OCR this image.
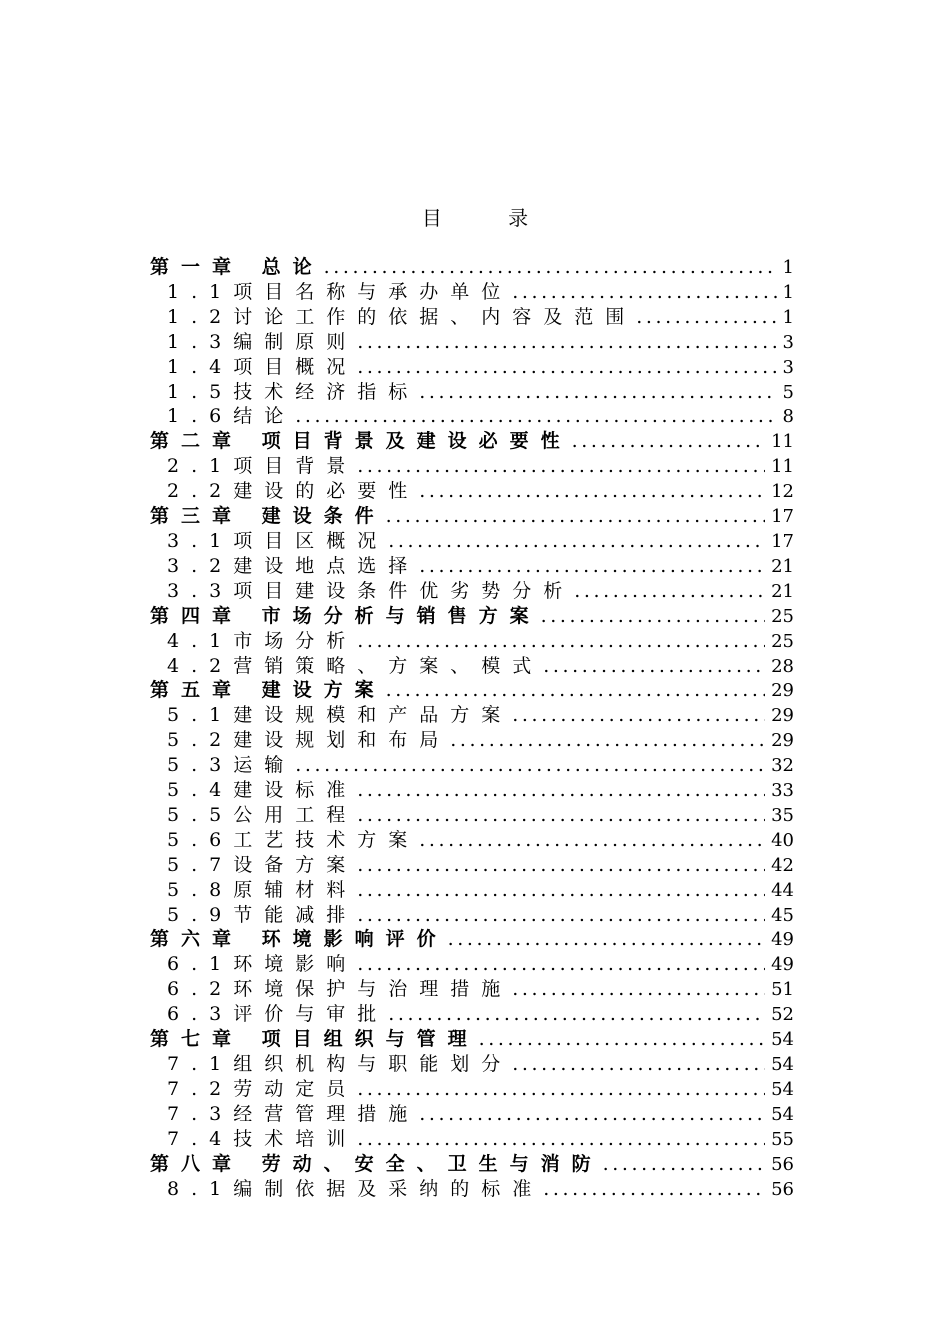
目 录
第一章 总论 .....	1
1.1项目名称与承办单位 .....	1
1.2讨论工作的依据、内容及范围 .....	1
1.3编制原则 .....	3
1.4项目概况 .....	3
1.5技术经济指标 .....	5
1.6结论 .....	8
第二章 项目背景及建设必要性 .....	11
2.1项目背景 .....	11
2.2建设的必要性 .....	12
第三章 建设条件 .....	17
3.1项目区概况 .....	17
3.2建设地点选择 .....	21
3.3项目建设条件优劣势分析 .....	21
第四章 市场分析与销售方案 .....	25
4.1市场分析 .....	25
4.2营销策略、方案、模式 .....	28
第五章 建设方案 .....	29
5.1建设规模和产品方案 .....	29
5.2建设规划和布局 .....	29
5.3运输 .....	32
5.4建设标准 .....	33
5.5公用工程 .....	35
5.6工艺技术方案 .....	40
5.7设备方案 .....	42
5.8原辅材料 .....	44
5.9节能减排 .....	45
第六章 环境影响评价 .....	49
6.1环境影响 .....	49
6.2环境保护与治理措施 .....	51
6.3评价与审批 .....	52
第七章 项目组织与管理 .....	54
7.1组织机构与职能划分 .....	54
7.2劳动定员 .....	54
7.3经营管理措施 .....	54
7.4技术培训 .....	55
第八章 劳动、安全、卫生与消防 .....	56
8.1编制依据及采纳的标准 .....	56
